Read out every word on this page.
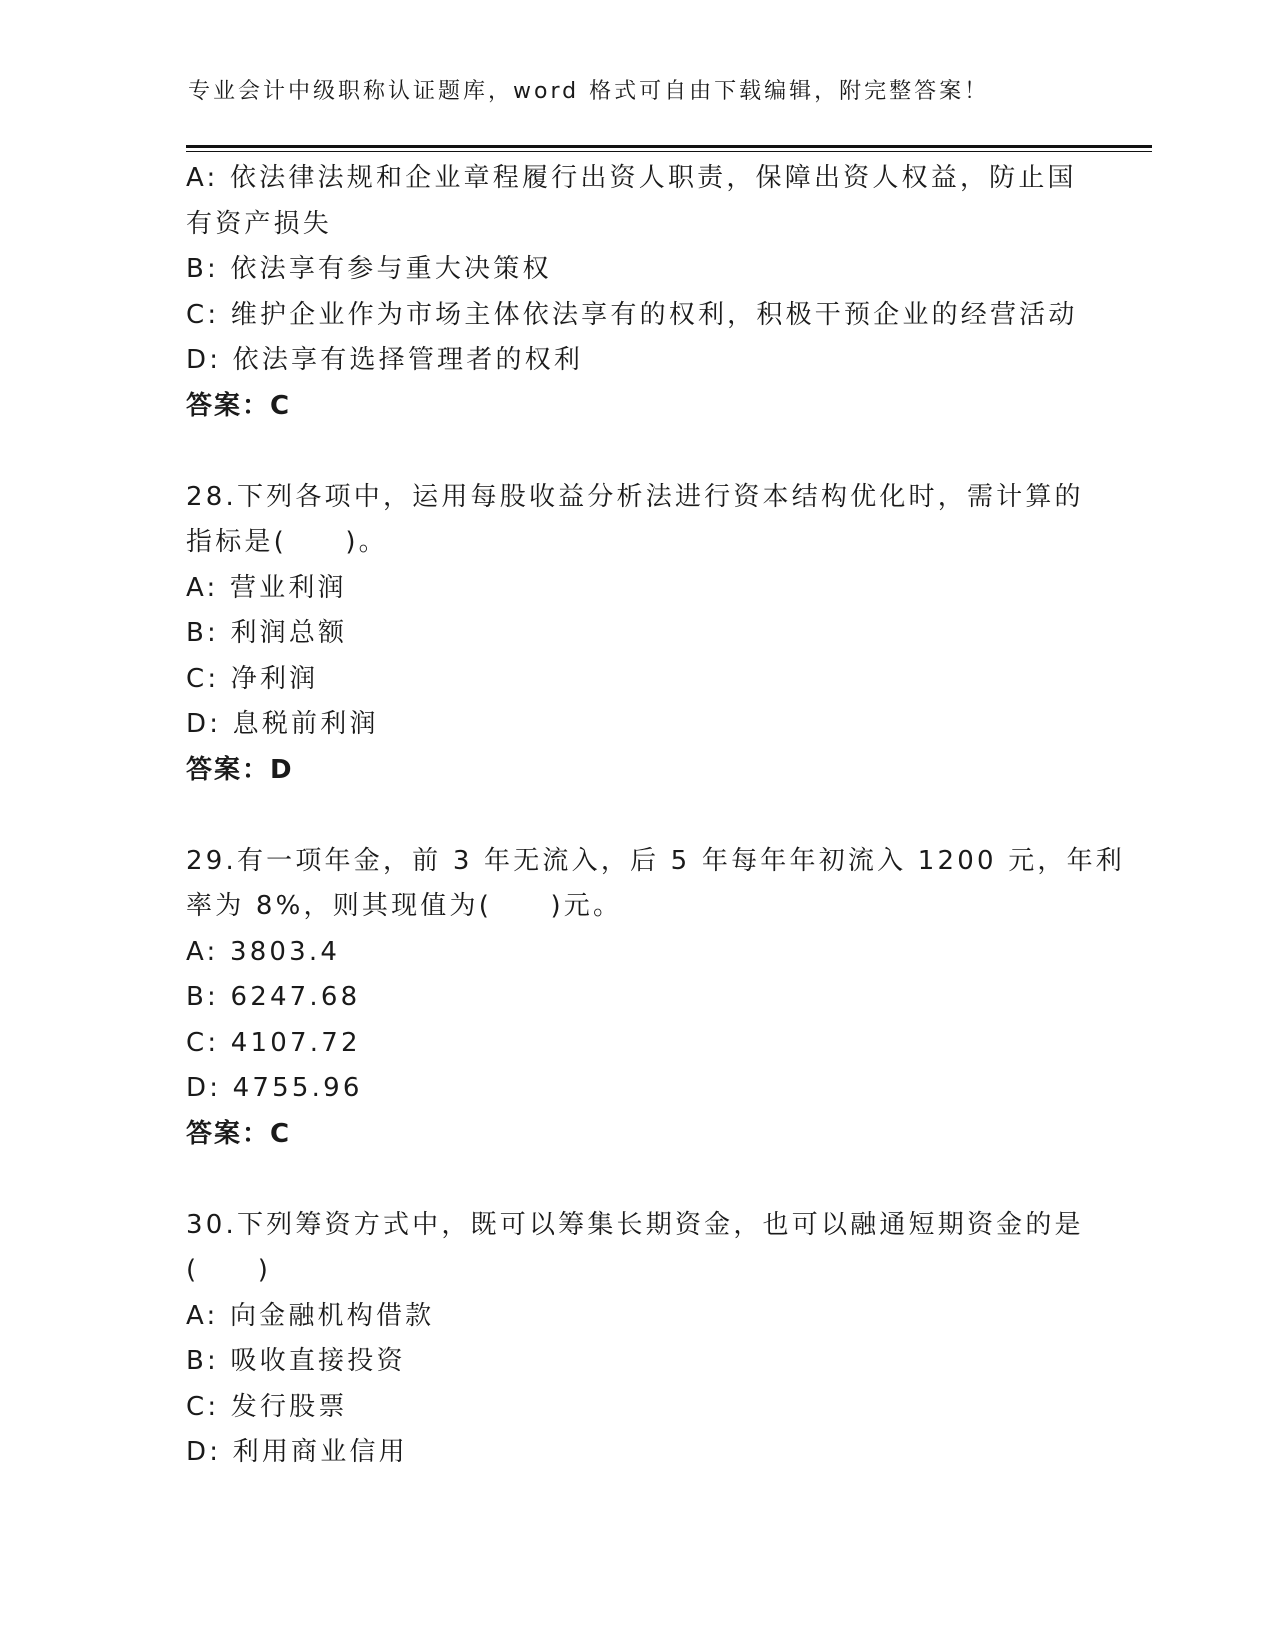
专业会计中级职称认证题库，word 格式可自由下载编辑，附完整答案！
A: 依法律法规和企业章程履行出资人职责，保障出资人权益，防止国
有资产损失
B: 依法享有参与重大决策权
C: 维护企业作为市场主体依法享有的权利，积极干预企业的经营活动
D: 依法享有选择管理者的权利
答案：C
28.下列各项中，运用每股收益分析法进行资本结构优化时，需计算的
指标是(　　)。
A: 营业利润
B: 利润总额
C: 净利润
D: 息税前利润
答案：D
29.有一项年金，前 3 年无流入，后 5 年每年年初流入 1200 元，年利
率为 8%，则其现值为(　　)元。
A: 3803.4
B: 6247.68
C: 4107.72
D: 4755.96
答案：C
30.下列筹资方式中，既可以筹集长期资金，也可以融通短期资金的是
(　　)
A: 向金融机构借款
B: 吸收直接投资
C: 发行股票
D: 利用商业信用
